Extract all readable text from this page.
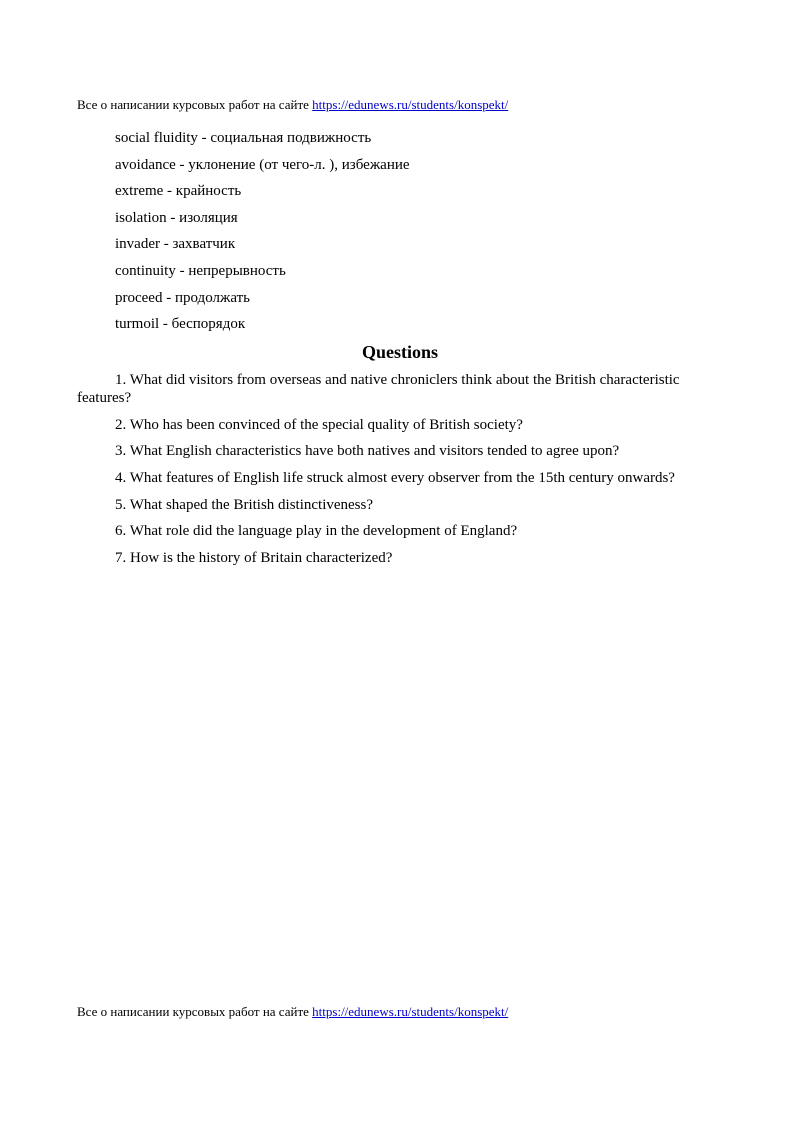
Все о написании курсовых работ на сайте https://edunews.ru/students/konspekt/
social fluidity - социальная подвижность
avoidance - уклонение (от чего-л. ), избежание
extreme - крайность
isolation - изоляция
invader - захватчик
continuity - непрерывность
proceed - продолжать
turmoil - беспорядок
Questions

1. What did visitors from overseas and native chroniclers think about the British characteristic features?

2. Who has been convinced of the special quality of British society?

3. What English characteristics have both natives and visitors tended to agree upon?

4. What features of English life struck almost every observer from the 15th century onwards?

5. What shaped the British distinctiveness?

6. What role did the language play in the development of England?

7. How is the history of Britain characterized?

Все о написании курсовых работ на сайте https://edunews.ru/students/konspekt/
